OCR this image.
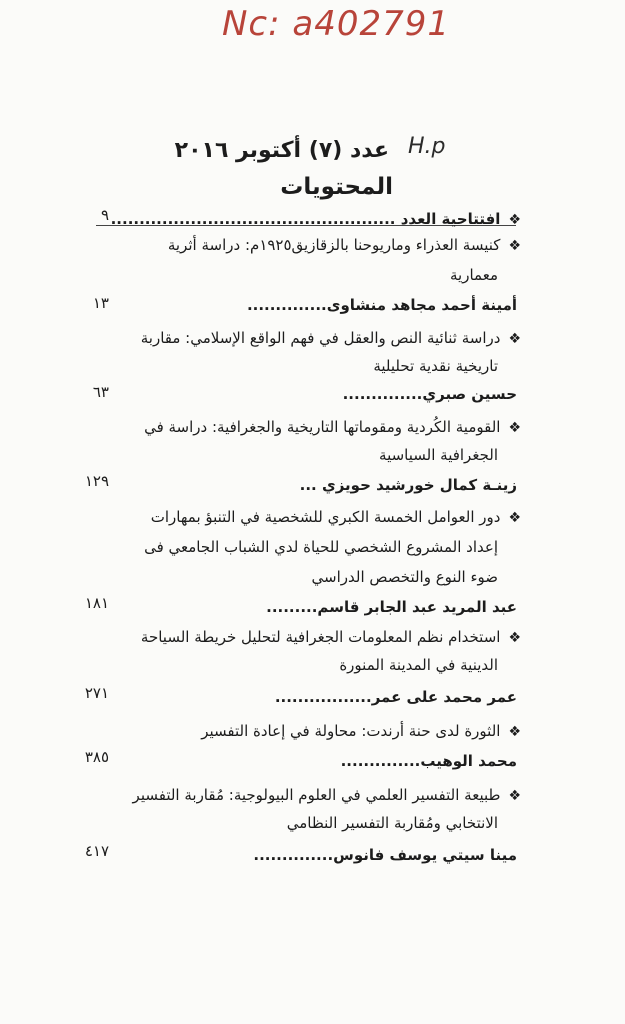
Nc: a402791
H.p
عدد (٧) أكتوبر ٢٠١٦
المحتويات
❖افتتاحية العدد ..................................................
٩
❖كنيسة العذراء وماريوحنا بالزقازيق١٩٢٥م: دراسة أثرية
معمارية
أمينة أحمد مجاهد منشاوى..............
١٣
❖دراسة ثنائية النص والعقل في فهم الواقع الإسلامي: مقاربة
تاريخية نقدية تحليلية
حسين صبري..............
٦٣
❖القومية الكُردية ومقوماتها التاريخية والجغرافية: دراسة في
الجغرافية السياسية
زينـة كمال خورشيد حويزي ...
١٢٩
❖دور العوامل الخمسة الكبري للشخصية في التنبؤ بمهارات
إعداد المشروع الشخصي للحياة لدي الشباب الجامعي فى
ضوء النوع والتخصص الدراسي
عبد المريد عبد الجابر قاسم.........
١٨١
❖استخدام نظم المعلومات الجغرافية لتحليل خريطة السياحة
الدينية في المدينة المنورة
عمر محمد على عمر.................
٢٧١
❖الثورة لدى حنة أرندت: محاولة في إعادة التفسير
محمد الوهيب..............
٣٨٥
❖طبيعة التفسير العلمي في العلوم البيولوجية: مُقاربة التفسير
الانتخابي ومُقاربة التفسير النظامي
مينا سيتي يوسف فانوس..............
٤١٧
